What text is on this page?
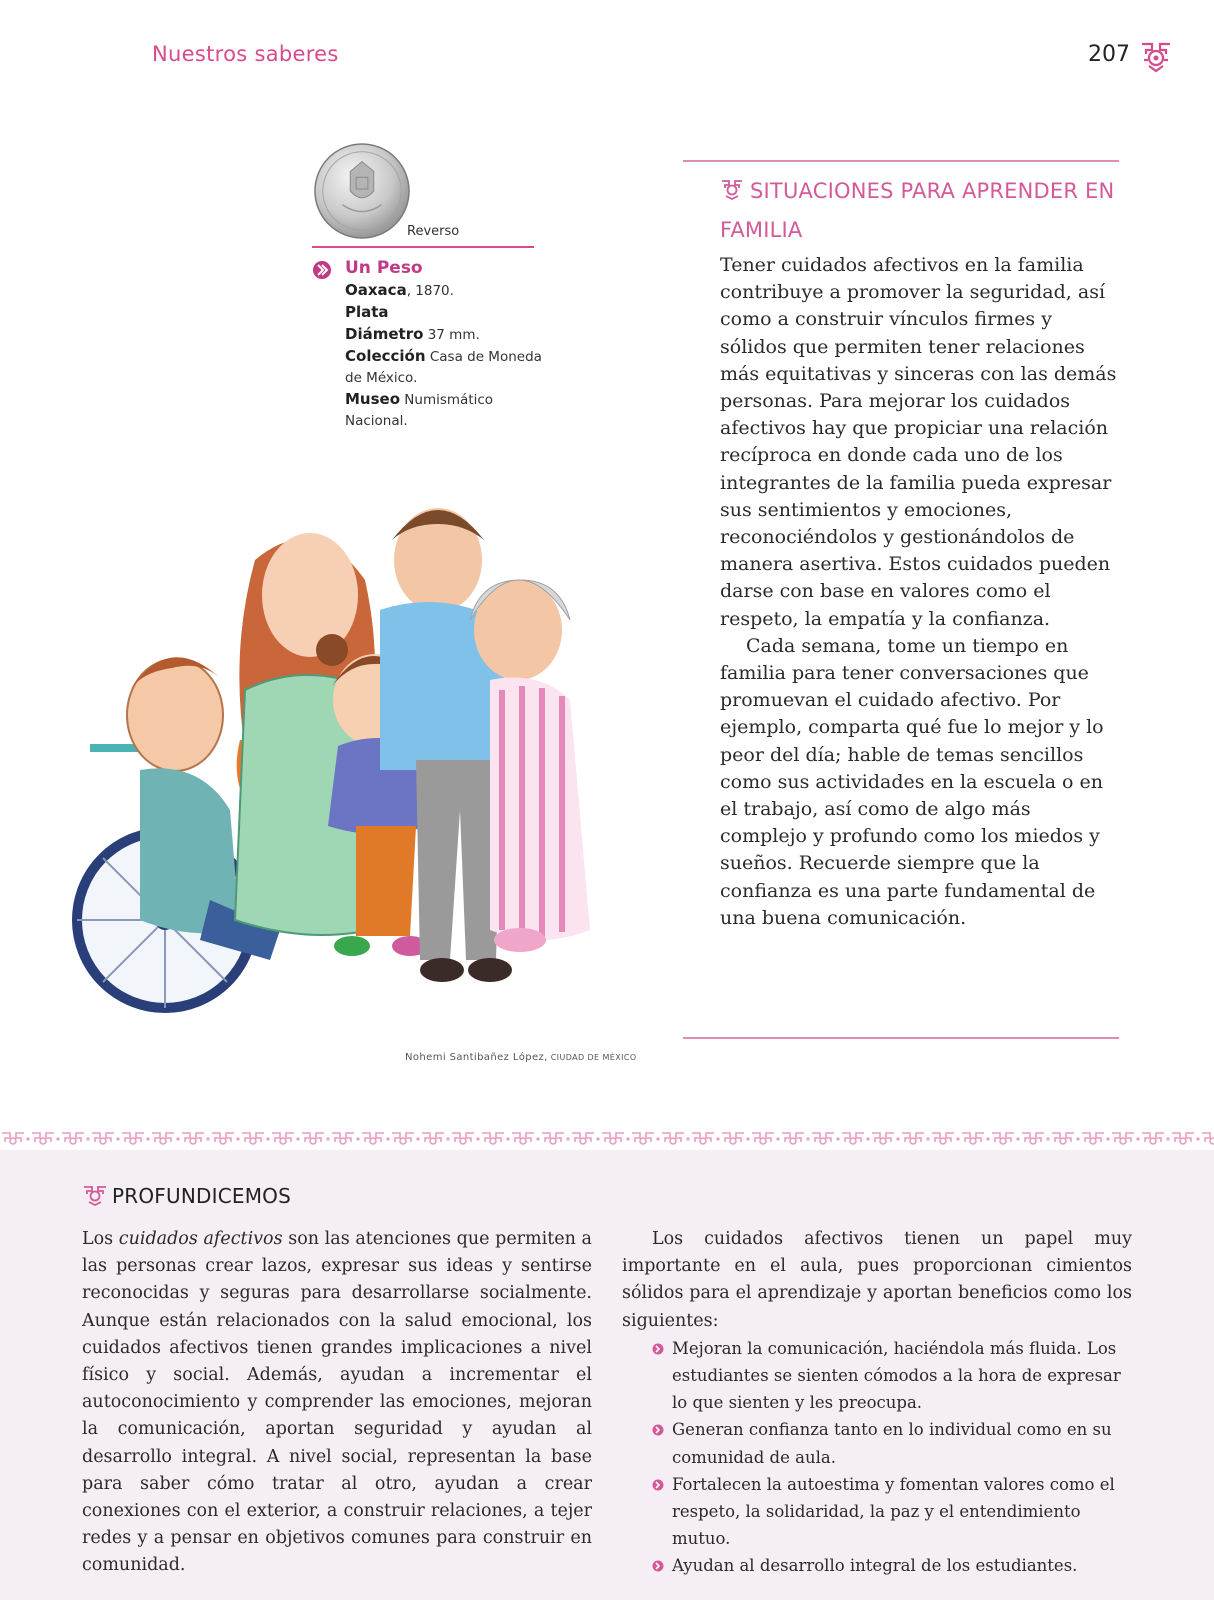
Nuestros saberes	207
Reverso
Un Peso
Oaxaca, 1870.
Plata
Diámetro 37 mm.
Colección Casa de Moneda de México.
Museo Numismático Nacional.
Nohemi Santibañez López, CIUDAD DE MÉXICO
SITUACIONES PARA APRENDER EN FAMILIA

Tener cuidados afectivos en la familia contribuye a promover la seguridad, así como a construir vínculos firmes y sólidos que permiten tener relaciones más equitativas y sinceras con las demás personas. Para mejorar los cuidados afectivos hay que propiciar una relación recíproca en donde cada uno de los integrantes de la familia pueda expresar sus sentimientos y emociones, reconociéndolos y gestionándolos de manera asertiva. Estos cuidados pueden darse con base en valores como el respeto, la empatía y la confianza.

Cada semana, tome un tiempo en familia para tener conversaciones que promuevan el cuidado afectivo. Por ejemplo, comparta qué fue lo mejor y lo peor del día; hable de temas sencillos como sus actividades en la escuela o en el trabajo, así como de algo más complejo y profundo como los miedos y sueños. Recuerde siempre que la confianza es una parte fundamental de una buena comunicación.

PROFUNDICEMOS
Los cuidados afectivos son las atenciones que permiten a las personas crear lazos, expresar sus ideas y sentirse reconocidas y seguras para desarrollarse socialmente. Aunque están relacionados con la salud emocional, los cuidados afectivos tienen grandes implicaciones a nivel físico y social. Además, ayudan a incrementar el autoconocimiento y comprender las emociones, mejoran la comunicación, aportan seguridad y ayudan al desarrollo integral. A nivel social, representan la base para saber cómo tratar al otro, ayudan a crear conexiones con el exterior, a construir relaciones, a tejer redes y a pensar en objetivos comunes para construir en comunidad.

Los cuidados afectivos tienen un papel muy importante en el aula, pues proporcionan cimientos sólidos para el aprendizaje y aportan beneficios como los siguientes:

Mejoran la comunicación, haciéndola más fluida. Los estudiantes se sienten cómodos a la hora de expresar lo que sienten y les preocupa.
Generan confianza tanto en lo individual como en su comunidad de aula.
Fortalecen la autoestima y fomentan valores como el respeto, la solidaridad, la paz y el entendimiento mutuo.
Ayudan al desarrollo integral de los estudiantes.
